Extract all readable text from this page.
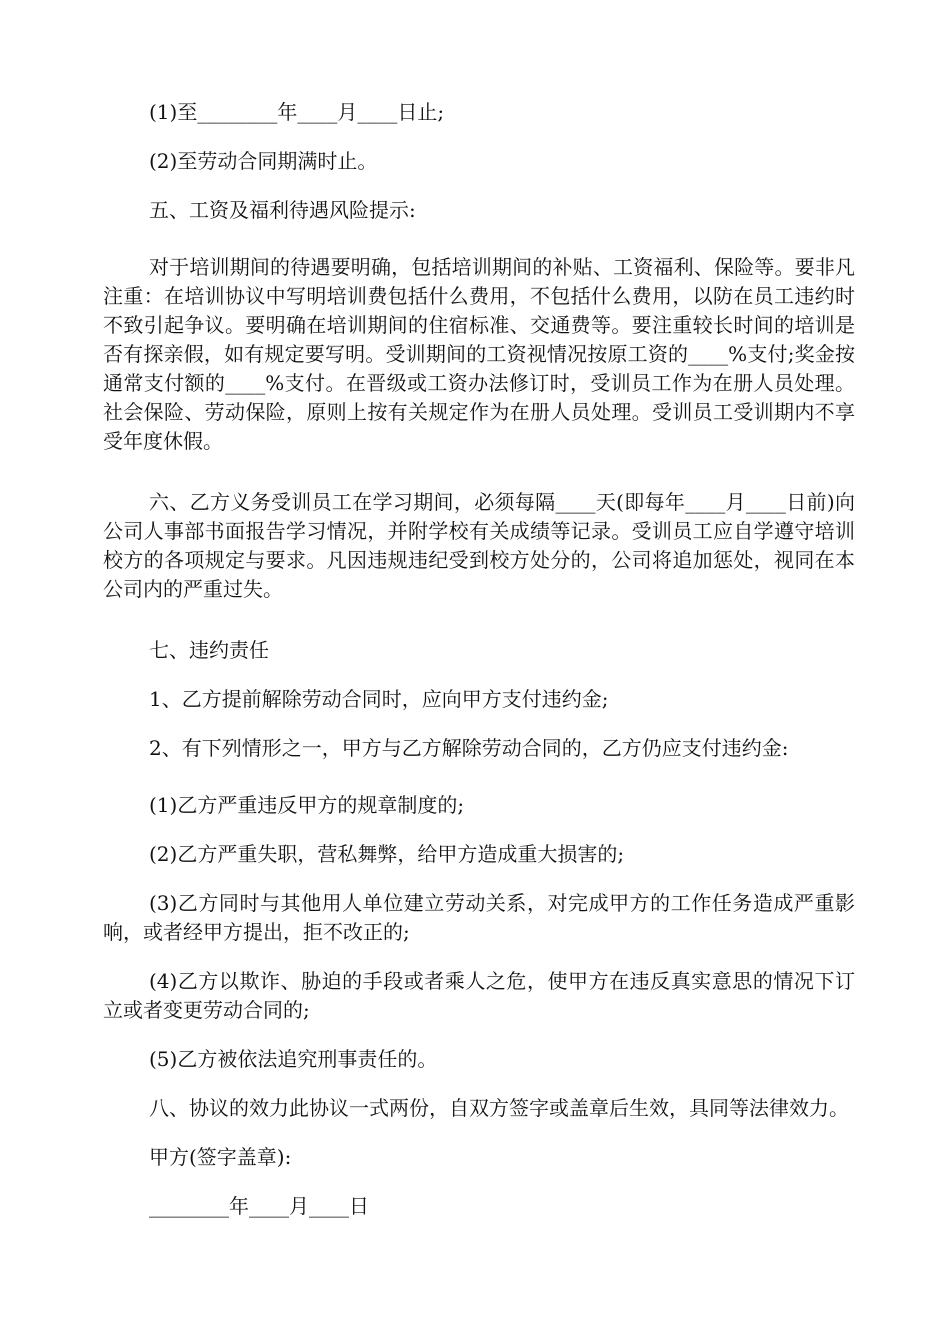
(1)至________年____月____日止;

(2)至劳动合同期满时止。

五、工资及福利待遇风险提示:

对于培训期间的待遇要明确，包括培训期间的补贴、工资福利、保险等。要非凡注重：在培训协议中写明培训费包括什么费用，不包括什么费用，以防在员工违约时不致引起争议。要明确在培训期间的住宿标准、交通费等。要注重较长时间的培训是否有探亲假，如有规定要写明。受训期间的工资视情况按原工资的____%支付;奖金按通常支付额的____%支付。在晋级或工资办法修订时，受训员工作为在册人员处理。社会保险、劳动保险，原则上按有关规定作为在册人员处理。受训员工受训期内不享受年度休假。

六、乙方义务受训员工在学习期间，必须每隔____天(即每年____月____日前)向公司人事部书面报告学习情况，并附学校有关成绩等记录。受训员工应自学遵守培训校方的各项规定与要求。凡因违规违纪受到校方处分的，公司将追加惩处，视同在本公司内的严重过失。

七、违约责任

1、乙方提前解除劳动合同时，应向甲方支付违约金;

2、有下列情形之一，甲方与乙方解除劳动合同的，乙方仍应支付违约金:

(1)乙方严重违反甲方的规章制度的;

(2)乙方严重失职，营私舞弊，给甲方造成重大损害的;

(3)乙方同时与其他用人单位建立劳动关系，对完成甲方的工作任务造成严重影响，或者经甲方提出，拒不改正的;

(4)乙方以欺诈、胁迫的手段或者乘人之危，使甲方在违反真实意思的情况下订立或者变更劳动合同的;

(5)乙方被依法追究刑事责任的。

八、协议的效力此协议一式两份，自双方签字或盖章后生效，具同等法律效力。

甲方(签字盖章):

________年____月____日
